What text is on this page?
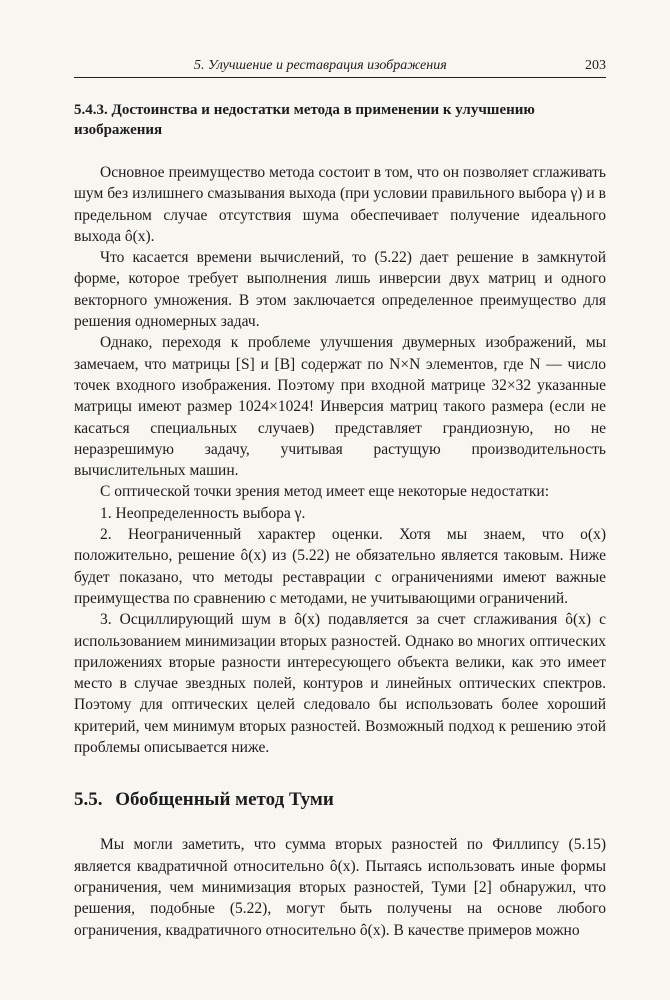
5. Улучшение и реставрация изображения	203
5.4.3. Достоинства и недостатки метода в применении к улучшению изображения

Основное преимущество метода состоит в том, что он позволяет сглаживать шум без излишнего смазывания выхода (при условии правильного выбора γ) и в предельном случае отсутствия шума обеспечивает получение идеального выхода ô(x).

Что касается времени вычислений, то (5.22) дает решение в замкнутой форме, которое требует выполнения лишь инверсии двух матриц и одного векторного умножения. В этом заключается определенное преимущество для решения одномерных задач.

Однако, переходя к проблеме улучшения двумерных изображений, мы замечаем, что матрицы [S] и [B] содержат по N×N элементов, где N — число точек входного изображения. Поэтому при входной матрице 32×32 указанные матрицы имеют размер 1024×1024! Инверсия матриц такого размера (если не касаться специальных случаев) представляет грандиозную, но не неразрешимую задачу, учитывая растущую производительность вычислительных машин.

С оптической точки зрения метод имеет еще некоторые недостатки:

1. Неопределенность выбора γ.

2. Неограниченный характер оценки. Хотя мы знаем, что o(x) положительно, решение ô(x) из (5.22) не обязательно является таковым. Ниже будет показано, что методы реставрации с ограничениями имеют важные преимущества по сравнению с методами, не учитывающими ограничений.

3. Осциллирующий шум в ô(x) подавляется за счет сглаживания ô(x) с использованием минимизации вторых разностей. Однако во многих оптических приложениях вторые разности интересующего объекта велики, как это имеет место в случае звездных полей, контуров и линейных оптических спектров. Поэтому для оптических целей следовало бы использовать более хороший критерий, чем минимум вторых разностей. Возможный подход к решению этой проблемы описывается ниже.

5.5. Обобщенный метод Туми

Мы могли заметить, что сумма вторых разностей по Филлипсу (5.15) является квадратичной относительно ô(x). Пытаясь использовать иные формы ограничения, чем минимизация вторых разностей, Туми [2] обнаружил, что решения, подобные (5.22), могут быть получены на основе любого ограничения, квадратичного относительно ô(x). В качестве примеров можно
